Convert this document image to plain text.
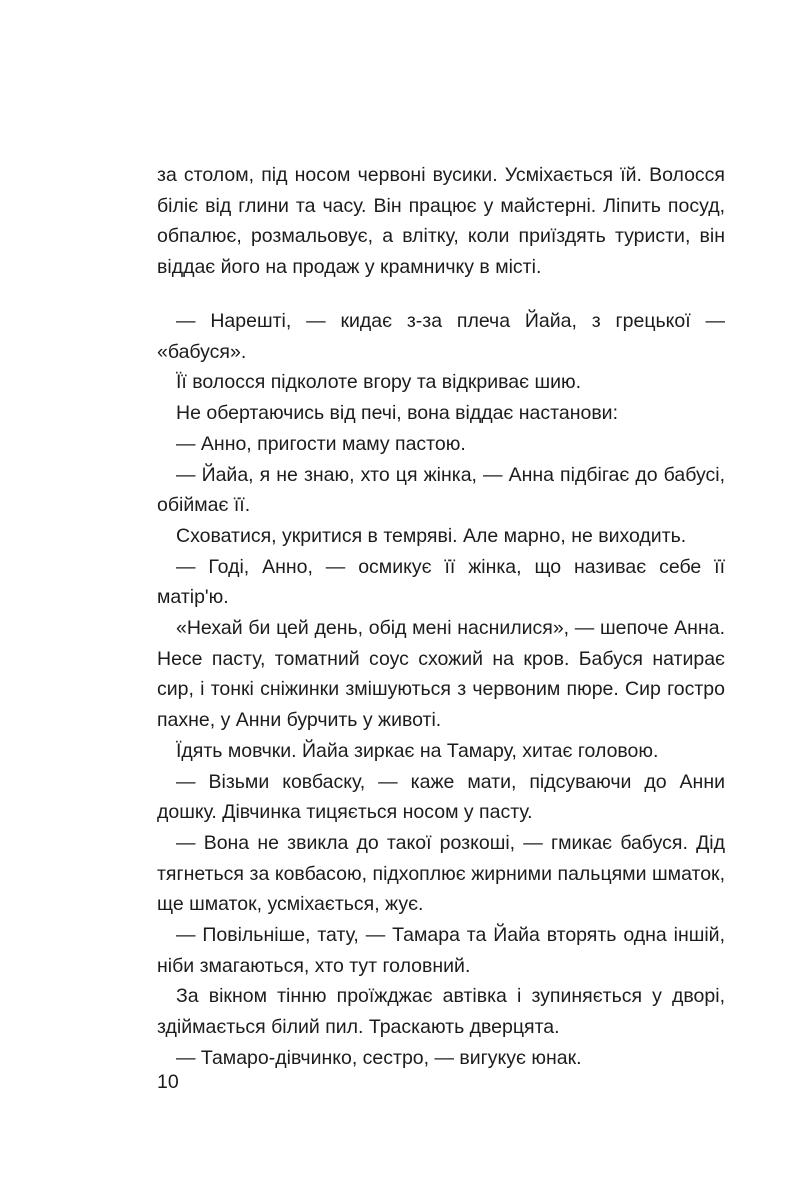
за столом, під носом червоні вусики. Усміхається їй. Волосся біліє від глини та часу. Він працює у майстерні. Ліпить посуд, обпалює, розмальовує, а влітку, коли приїздять туристи, він віддає його на продаж у крамничку в місті.

— Нарешті, — кидає з-за плеча Йайа, з грецької — «бабуся».

Її волосся підколоте вгору та відкриває шию.

Не обертаючись від печі, вона віддає настанови:

— Анно, пригости маму пастою.

— Йайа, я не знаю, хто ця жінка, — Анна підбігає до бабусі, обіймає її.

Сховатися, укритися в темряві. Але марно, не виходить.

— Годі, Анно, — осмикує її жінка, що називає себе її матір'ю.

«Нехай би цей день, обід мені наснилися», — шепоче Анна. Несе пасту, томатний соус схожий на кров. Бабуся натирає сир, і тонкі сніжинки змішуються з червоним пюре. Сир гостро пахне, у Анни бурчить у животі.

Їдять мовчки. Йайа зиркає на Тамару, хитає головою.

— Візьми ковбаску, — каже мати, підсуваючи до Анни дошку. Дівчинка тицяється носом у пасту.

— Вона не звикла до такої розкоші, — гмикає бабуся. Дід тягнеться за ковбасою, підхоплює жирними пальцями шматок, ще шматок, усміхається, жує.

— Повільніше, тату, — Тамара та Йайа вторять одна іншій, ніби змагаються, хто тут головний.

За вікном тінню проїжджає автівка і зупиняється у дворі, здіймається білий пил. Траскають дверцята.

— Тамаро-дівчинко, сестро, — вигукує юнак.

10
